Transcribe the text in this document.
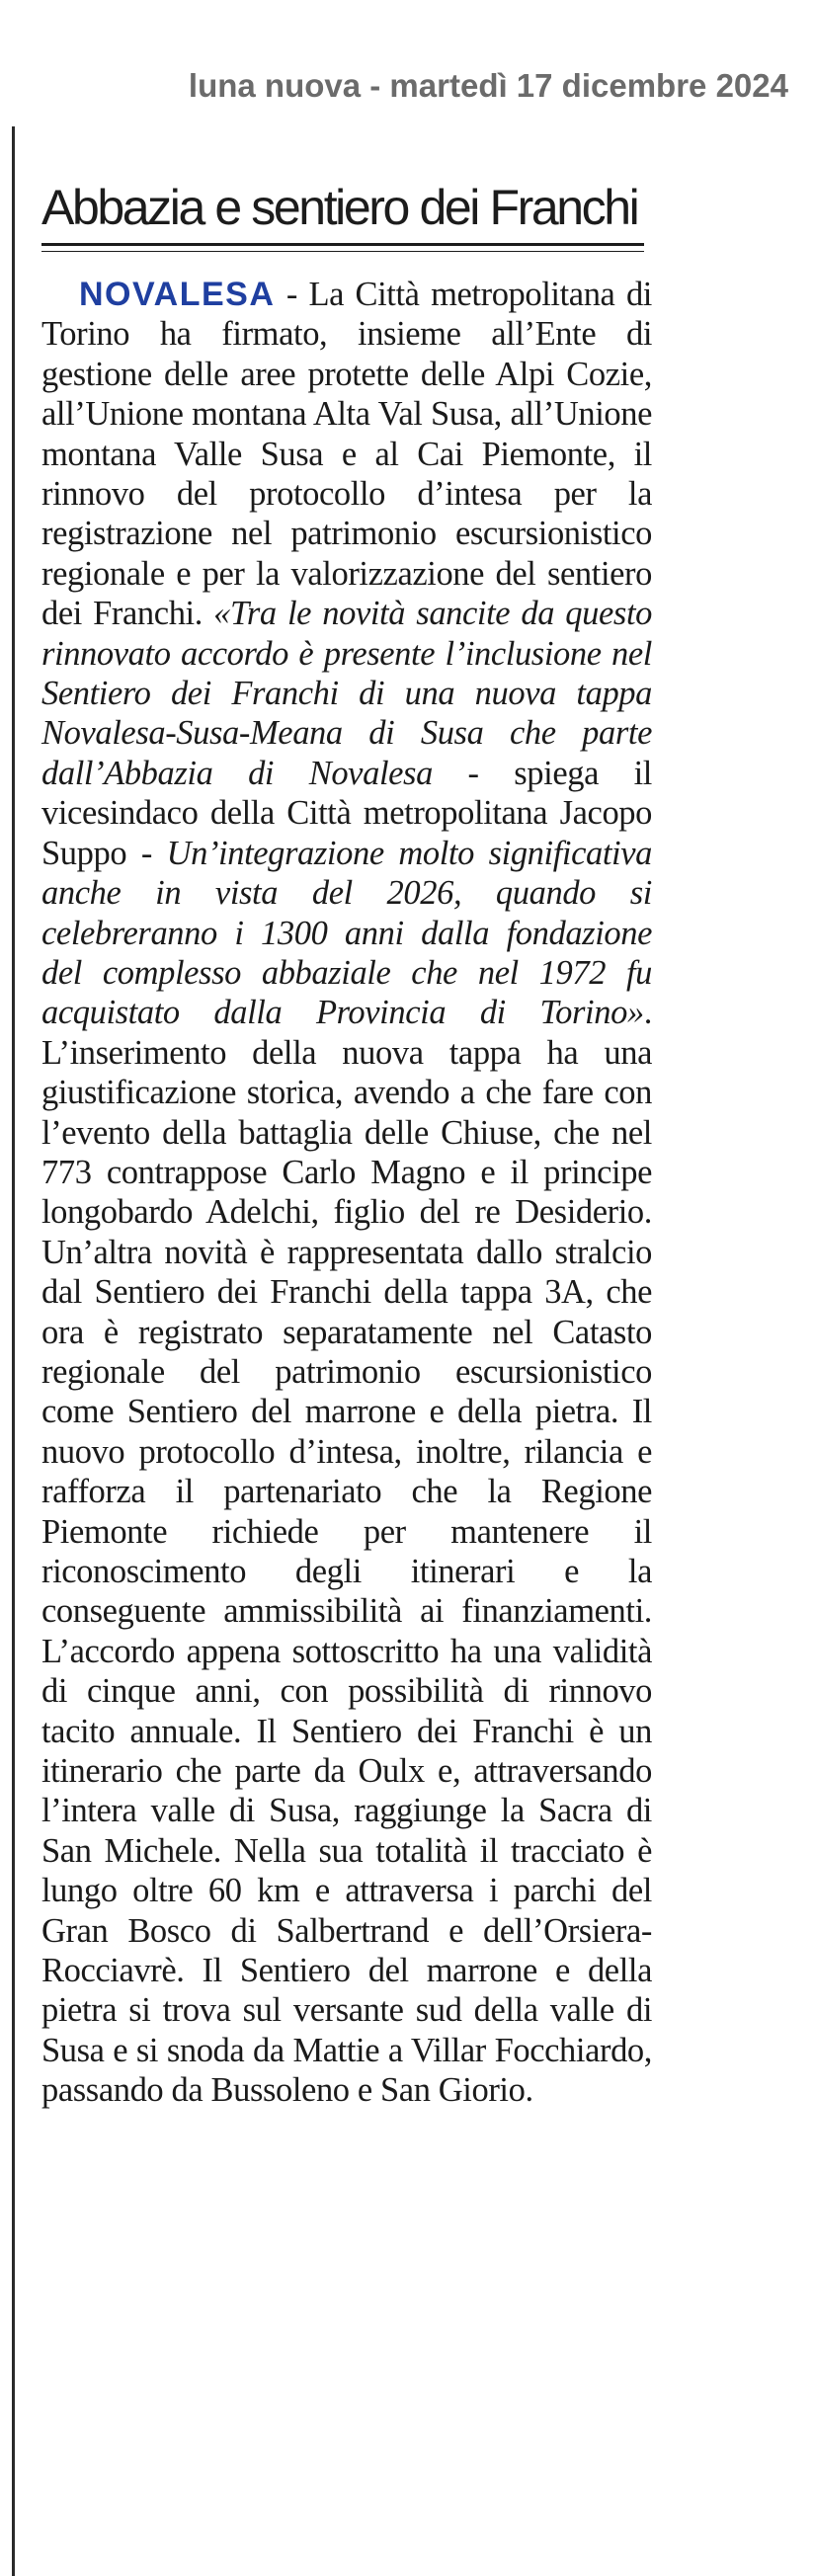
luna nuova - martedì 17 dicembre 2024
Abbazia e sentiero dei Franchi

NOVALESA - La Città metropolitana di Torino ha firmato, insieme all’Ente di gestione delle aree protette delle Alpi Cozie, all’Unione montana Alta Val Susa, all’Unione montana Valle Susa e al Cai Piemonte, il rinnovo del protocollo d’intesa per la registrazione nel patrimonio escursionistico regionale e per la valorizzazione del sentiero dei Franchi. «Tra le novità sancite da questo rinnovato accordo è presente l’inclusione nel Sentiero dei Franchi di una nuova tappa Novalesa-Susa-Meana di Susa che parte dall’Abbazia di Novalesa - spiega il vicesindaco della Città metropolitana Jacopo Suppo - Un’integrazione molto significativa anche in vista del 2026, quando si celebreranno i 1300 anni dalla fondazione del complesso abbaziale che nel 1972 fu acquistato dalla Provincia di Torino». L’inserimento della nuova tappa ha una giustificazione storica, avendo a che fare con l’evento della battaglia delle Chiuse, che nel 773 contrappose Carlo Magno e il principe longobardo Adelchi, figlio del re Desiderio. Un’altra novità è rappresentata dallo stralcio dal Sentiero dei Franchi della tappa 3A, che ora è registrato separatamente nel Catasto regionale del patrimonio escursionistico come Sentiero del marrone e della pietra. Il nuovo protocollo d’intesa, inoltre, rilancia e rafforza il partenariato che la Regione Piemonte richiede per mantenere il riconoscimento degli itinerari e la conseguente ammissibilità ai finanziamenti. L’accordo appena sottoscritto ha una validità di cinque anni, con possibilità di rinnovo tacito annuale. Il Sentiero dei Franchi è un itinerario che parte da Oulx e, attraversando l’intera valle di Susa, raggiunge la Sacra di San Michele. Nella sua totalità il tracciato è lungo oltre 60 km e attraversa i parchi del Gran Bosco di Salbertrand e dell’Orsiera-Rocciavrè. Il Sentiero del marrone e della pietra si trova sul versante sud della valle di Susa e si snoda da Mattie a Villar Focchiardo, passando da Bussoleno e San Giorio.
